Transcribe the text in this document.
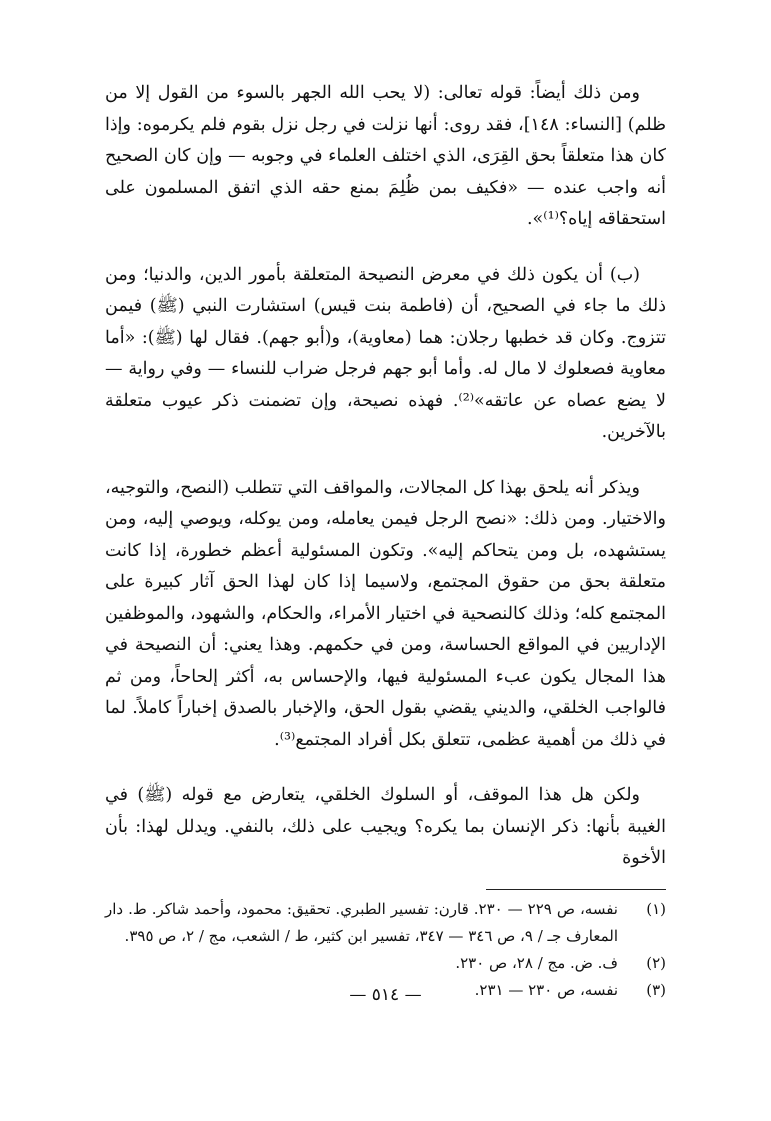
ومن ذلك أيضاً: قوله تعالى: (لا يحب الله الجهر بالسوء من القول إلا من ظلم) [النساء: ١٤٨]، فقد روى: أنها نزلت في رجل نزل بقوم فلم يكرموه: وإذا كان هذا متعلقاً بحق القِرَى، الذي اختلف العلماء في وجوبه — وإن كان الصحيح أنه واجب عنده — «فكيف بمن ظُلِمَ بمنع حقه الذي اتفق المسلمون على استحقاقه إياه؟⁽¹⁾».

(ب) أن يكون ذلك في معرض النصيحة المتعلقة بأمور الدين، والدنيا؛ ومن ذلك ما جاء في الصحيح، أن (فاطمة بنت قيس) استشارت النبي (ﷺ) فيمن تتزوج. وكان قد خطبها رجلان: هما (معاوية)، و(أبو جهم). فقال لها (ﷺ): «أما معاوية فصعلوك لا مال له. وأما أبو جهم فرجل ضراب للنساء — وفي رواية — لا يضع عصاه عن عاتقه»⁽²⁾. فهذه نصيحة، وإن تضمنت ذكر عيوب متعلقة بالآخرين.

ويذكر أنه يلحق بهذا كل المجالات، والمواقف التي تتطلب (النصح، والتوجيه، والاختيار. ومن ذلك: «نصح الرجل فيمن يعامله، ومن يوكله، ويوصي إليه، ومن يستشهده، بل ومن يتحاكم إليه». وتكون المسئولية أعظم خطورة، إذا كانت متعلقة بحق من حقوق المجتمع، ولاسيما إذا كان لهذا الحق آثار كبيرة على المجتمع كله؛ وذلك كالنصحية في اختيار الأمراء، والحكام، والشهود، والموظفين الإداريين في المواقع الحساسة، ومن في حكمهم. وهذا يعني: أن النصيحة في هذا المجال يكون عبء المسئولية فيها، والإحساس به، أكثر إلحاحاً، ومن ثم فالواجب الخلقي، والديني يقضي بقول الحق، والإخبار بالصدق إخباراً كاملاً. لما في ذلك من أهمية عظمى، تتعلق بكل أفراد المجتمع⁽³⁾.

ولكن هل هذا الموقف، أو السلوك الخلقي، يتعارض مع قوله (ﷺ) في الغيبة بأنها: ذكر الإنسان بما يكره؟ ويجيب على ذلك، بالنفي. ويدلل لهذا: بأن الأخوة

(١)
نفسه، ص ٢٢٩ — ٢٣٠. قارن: تفسير الطبري. تحقيق: محمود، وأحمد شاكر. ط. دار المعارف جـ / ٩، ص ٣٤٦ — ٣٤٧، تفسير ابن كثير، ط / الشعب، مج / ٢، ص ٣٩٥.
(٢)
ف. ض. مج / ٢٨، ص ٢٣٠.
(٣)
نفسه، ص ٢٣٠ — ٢٣١.
— ٥١٤ —
